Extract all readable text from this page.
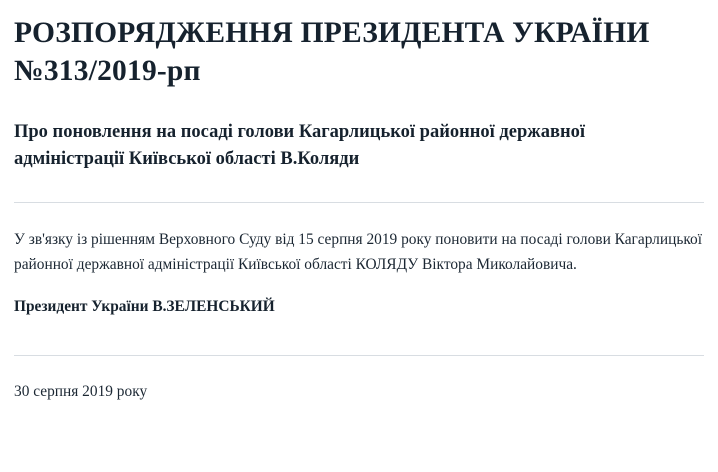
РОЗПОРЯДЖЕННЯ ПРЕЗИДЕНТА УКРАЇНИ №313/2019-рп
Про поновлення на посаді голови Кагарлицької районної державної адміністрації Київської області В.Коляди

У зв'язку із рішенням Верховного Суду від 15 серпня 2019 року поновити на посаді голови Кагарлицької районної державної адміністрації Київської області КОЛЯДУ Віктора Миколайовича.

Президент України В.ЗЕЛЕНСЬКИЙ

30 серпня 2019 року
